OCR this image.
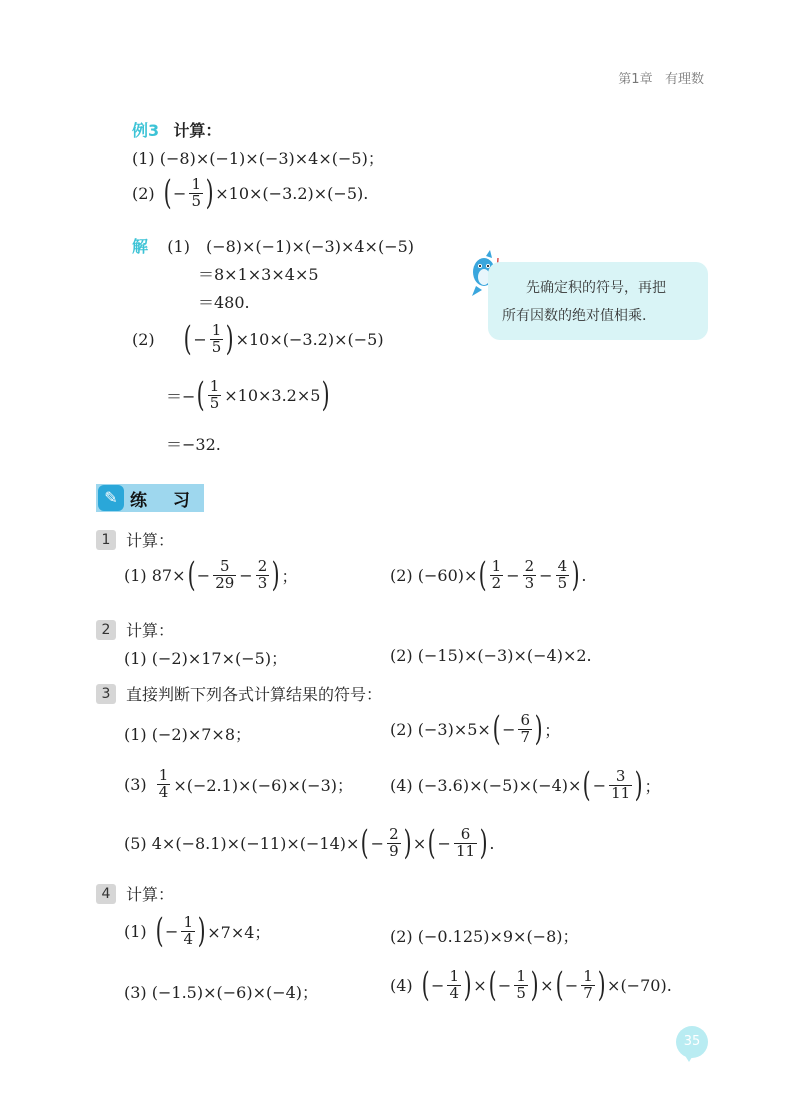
第1章 有理数
例3
计算：
(1) (−8)×(−1)×(−3)×4×(−5)；
(2)
( − $\frac{1}{5}$ ) ×10×(−3.2)×(−5).
解
(1)　(−8)×(−1)×(−3)×4×(−5)
＝8×1×3×4×5
＝480.
(2)
( − $\frac{1}{5}$ ) ×10×(−3.2)×(−5)
＝− ( $\frac{1}{5} \times 10\times 3.2\times 5$ )
＝−32.
先确定积的符号，再把
所有因数的绝对值相乘.
✎ 练 习
1 计算：
(1) 87× ( − $\frac{5}{29} - \frac{2}{3}$ ) ；	(2) (−60)× ( $\frac{1}{2} - \frac{2}{3} - \frac{4}{5}$ ) .
2 计算：
(1) (−2)×17×(−5)；	(2) (−15)×(−3)×(−4)×2.
3 直接判断下列各式计算结果的符号：
(1) (−2)×7×8；	(2) (−3)×5× ( − $\frac{6}{7}$ ) ；
(3)
$\frac{1}{4} \times(-2.1)\times(-6)\times(-3)$； (4) (−3.6)×(−5)×(−4)× ( − $\frac{3}{11}$ ) ；
(5) 4×(−8.1)×(−11)×(−14)× ( − $\frac{2}{9}$ ) × ( − $\frac{6}{11}$ ) .
4 计算：
(1)
( − $\frac{1}{4}$ ) ×7×4；	(2) (−0.125)×9×(−8)；
(3) (−1.5)×(−6)×(−4)；	(4)
( − $\frac{1}{4}$ ) × ( − $\frac{1}{5}$ ) × ( − $\frac{1}{7}$ ) ×(−70).
35
